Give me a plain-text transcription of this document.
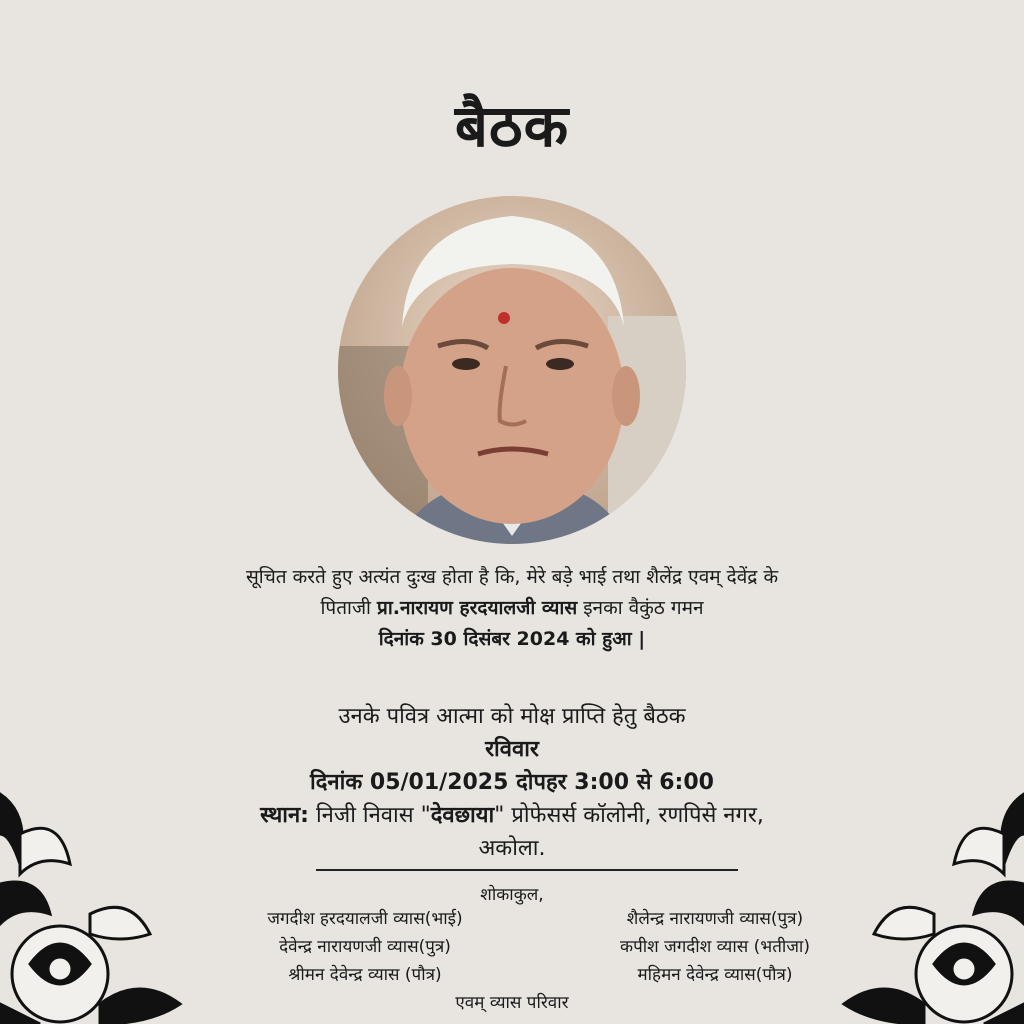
बैठक
सूचित करते हुए अत्यंत दुःख होता है कि, मेरे बड़े भाई तथा शैलेंद्र एवम् देवेंद्र के
पिताजी प्रा.नारायण हरदयालजी व्यास इनका वैकुंठ गमन
दिनांक 30 दिसंबर 2024 को हुआ |
उनके पवित्र आत्मा को मोक्ष प्राप्ति हेतु बैठक
रविवार
दिनांक 05/01/2025 दोपहर 3:00 से 6:00
स्थान: निजी निवास "देवछाया" प्रोफेसर्स कॉलोनी, रणपिसे नगर,
अकोला.
शोकाकुल,
जगदीश हरदयालजी व्यास(भाई)	शैलेन्द्र नारायणजी व्यास(पुत्र)
देवेन्द्र नारायणजी व्यास(पुत्र)	कपीश जगदीश व्यास (भतीजा)
श्रीमन देवेन्द्र व्यास (पौत्र)	महिमन देवेन्द्र व्यास(पौत्र)
एवम् व्यास परिवार
